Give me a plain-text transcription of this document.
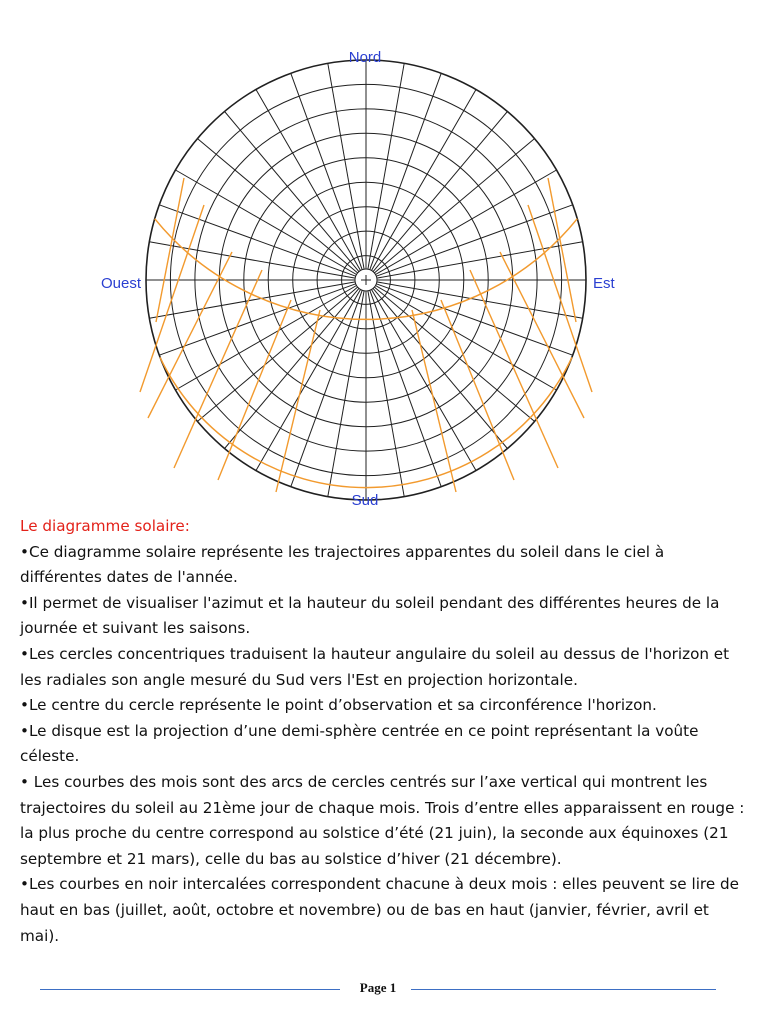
Nord
Sud
Ouest	Est

Le diagramme solaire:

•Ce diagramme solaire représente les trajectoires apparentes du soleil dans le ciel à différentes dates de l'année.

•Il permet de visualiser l'azimut et la hauteur du soleil pendant des différentes heures de la journée et suivant les saisons.

•Les cercles concentriques traduisent la hauteur angulaire du soleil au dessus de l'horizon et les radiales son angle mesuré du Sud vers l'Est en projection horizontale.

•Le centre du cercle représente le point d’observation et sa circonférence l'horizon.

•Le disque est la projection d’une demi-sphère centrée en ce point représentant la voûte céleste.

• Les courbes des mois sont des arcs de cercles centrés sur l’axe vertical qui montrent les trajectoires du soleil au 21ème jour de chaque mois. Trois d’entre elles apparaissent en rouge : la plus proche du centre correspond au solstice d’été (21 juin), la seconde aux équinoxes (21 septembre et 21 mars), celle du bas au solstice d’hiver (21 décembre).

•Les courbes en noir intercalées correspondent chacune à deux mois : elles peuvent se lire de haut en bas (juillet, août, octobre et novembre) ou de bas en haut (janvier, février, avril et mai).

Page 1
